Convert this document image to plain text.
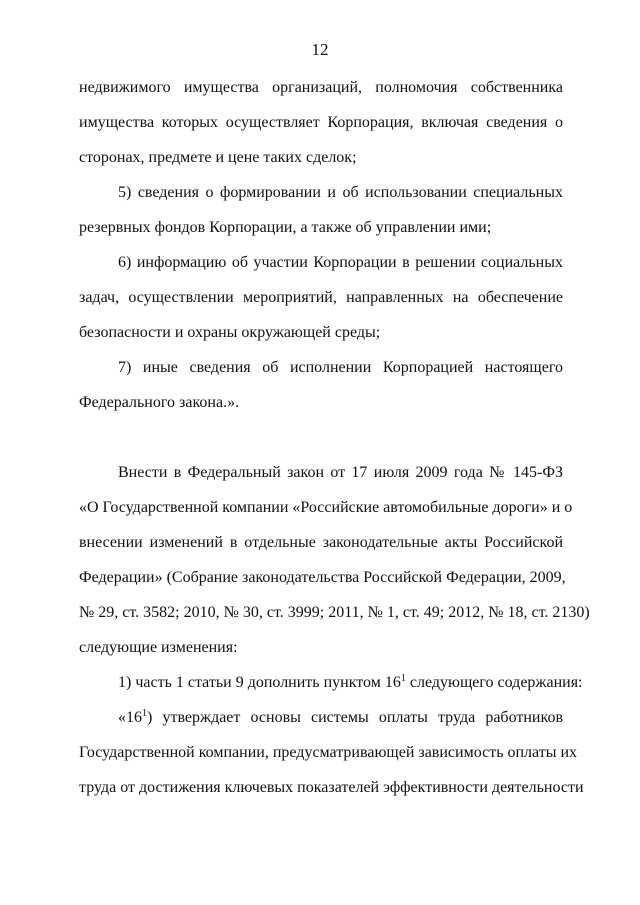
12
недвижимого имущества организаций, полномочия собственника
имущества которых осуществляет Корпорация, включая сведения о
сторонах, предмете и цене таких сделок;
5) сведения о формировании и об использовании специальных
резервных фондов Корпорации, а также об управлении ими;
6) информацию об участии Корпорации в решении социальных
задач, осуществлении мероприятий, направленных на обеспечение
безопасности и охраны окружающей среды;
7) иные сведения об исполнении Корпорацией настоящего
Федерального закона.».
Внести в Федеральный закон от 17 июля 2009 года № 145-ФЗ
«О Государственной компании «Российские автомобильные дороги» и о
внесении изменений в отдельные законодательные акты Российской
Федерации» (Собрание законодательства Российской Федерации, 2009,
№ 29, ст. 3582; 2010, № 30, ст. 3999; 2011, № 1, ст. 49; 2012, № 18, ст. 2130)
следующие изменения:
1) часть 1 статьи 9 дополнить пунктом $16^1$ следующего содержания:
«$16^1$) утверждает основы системы оплаты труда работников
Государственной компании, предусматривающей зависимость оплаты их
труда от достижения ключевых показателей эффективности деятельности
